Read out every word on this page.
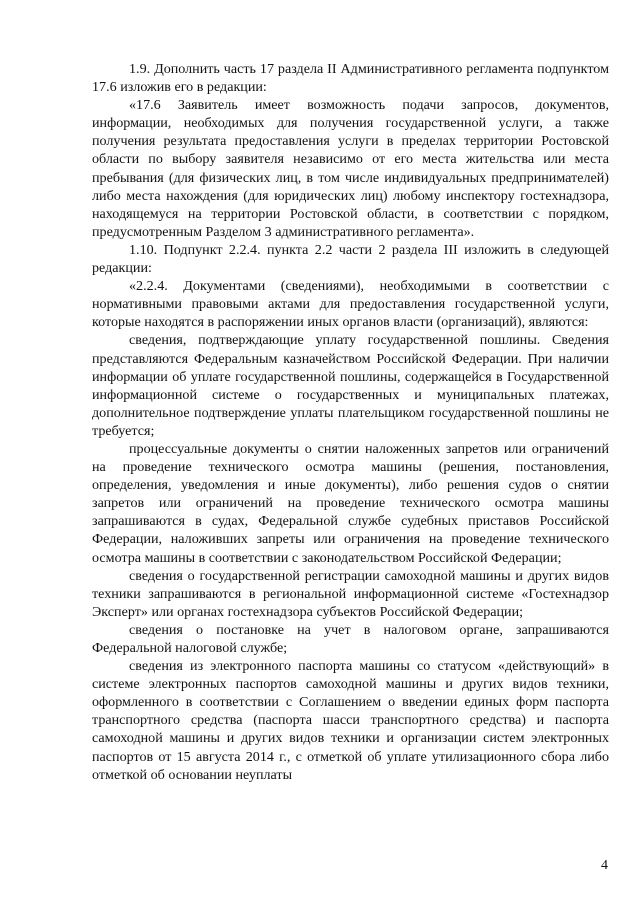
1.9. Дополнить часть 17 раздела II Административного регламента подпунктом 17.6 изложив его в редакции:

«17.6 Заявитель имеет возможность подачи запросов, документов, информации, необходимых для получения государственной услуги, а также получения результата предоставления услуги в пределах территории Ростовской области по выбору заявителя независимо от его места жительства или места пребывания (для физических лиц, в том числе индивидуальных предпринимателей) либо места нахождения (для юридических лиц) любому инспектору гостехнадзора, находящемуся на территории Ростовской области, в соответствии с порядком, предусмотренным Разделом 3 административного регламента».

1.10. Подпункт 2.2.4. пункта 2.2 части 2 раздела III изложить в следующей редакции:

«2.2.4. Документами (сведениями), необходимыми в соответствии с нормативными правовыми актами для предоставления государственной услуги, которые находятся в распоряжении иных органов власти (организаций), являются:

сведения, подтверждающие уплату государственной пошлины. Сведения представляются Федеральным казначейством Российской Федерации. При наличии информации об уплате государственной пошлины, содержащейся в Государственной информационной системе о государственных и муниципальных платежах, дополнительное подтверждение уплаты плательщиком государственной пошлины не требуется;

процессуальные документы о снятии наложенных запретов или ограничений на проведение технического осмотра машины (решения, постановления, определения, уведомления и иные документы), либо решения судов о снятии запретов или ограничений на проведение технического осмотра машины запрашиваются в судах, Федеральной службе судебных приставов Российской Федерации, наложивших запреты или ограничения на проведение технического осмотра машины в соответствии с законодательством Российской Федерации;

сведения о государственной регистрации самоходной машины и других видов техники запрашиваются в региональной информационной системе «Гостехнадзор Эксперт» или органах гостехнадзора субъектов Российской Федерации;

сведения о постановке на учет в налоговом органе, запрашиваются Федеральной налоговой службе;

сведения из электронного паспорта машины со статусом «действующий» в системе электронных паспортов самоходной машины и других видов техники, оформленного в соответствии с Соглашением о введении единых форм паспорта транспортного средства (паспорта шасси транспортного средства) и паспорта самоходной машины и других видов техники и организации систем электронных паспортов от 15 августа 2014 г., с отметкой об уплате утилизационного сбора либо отметкой об основании неуплаты

4
